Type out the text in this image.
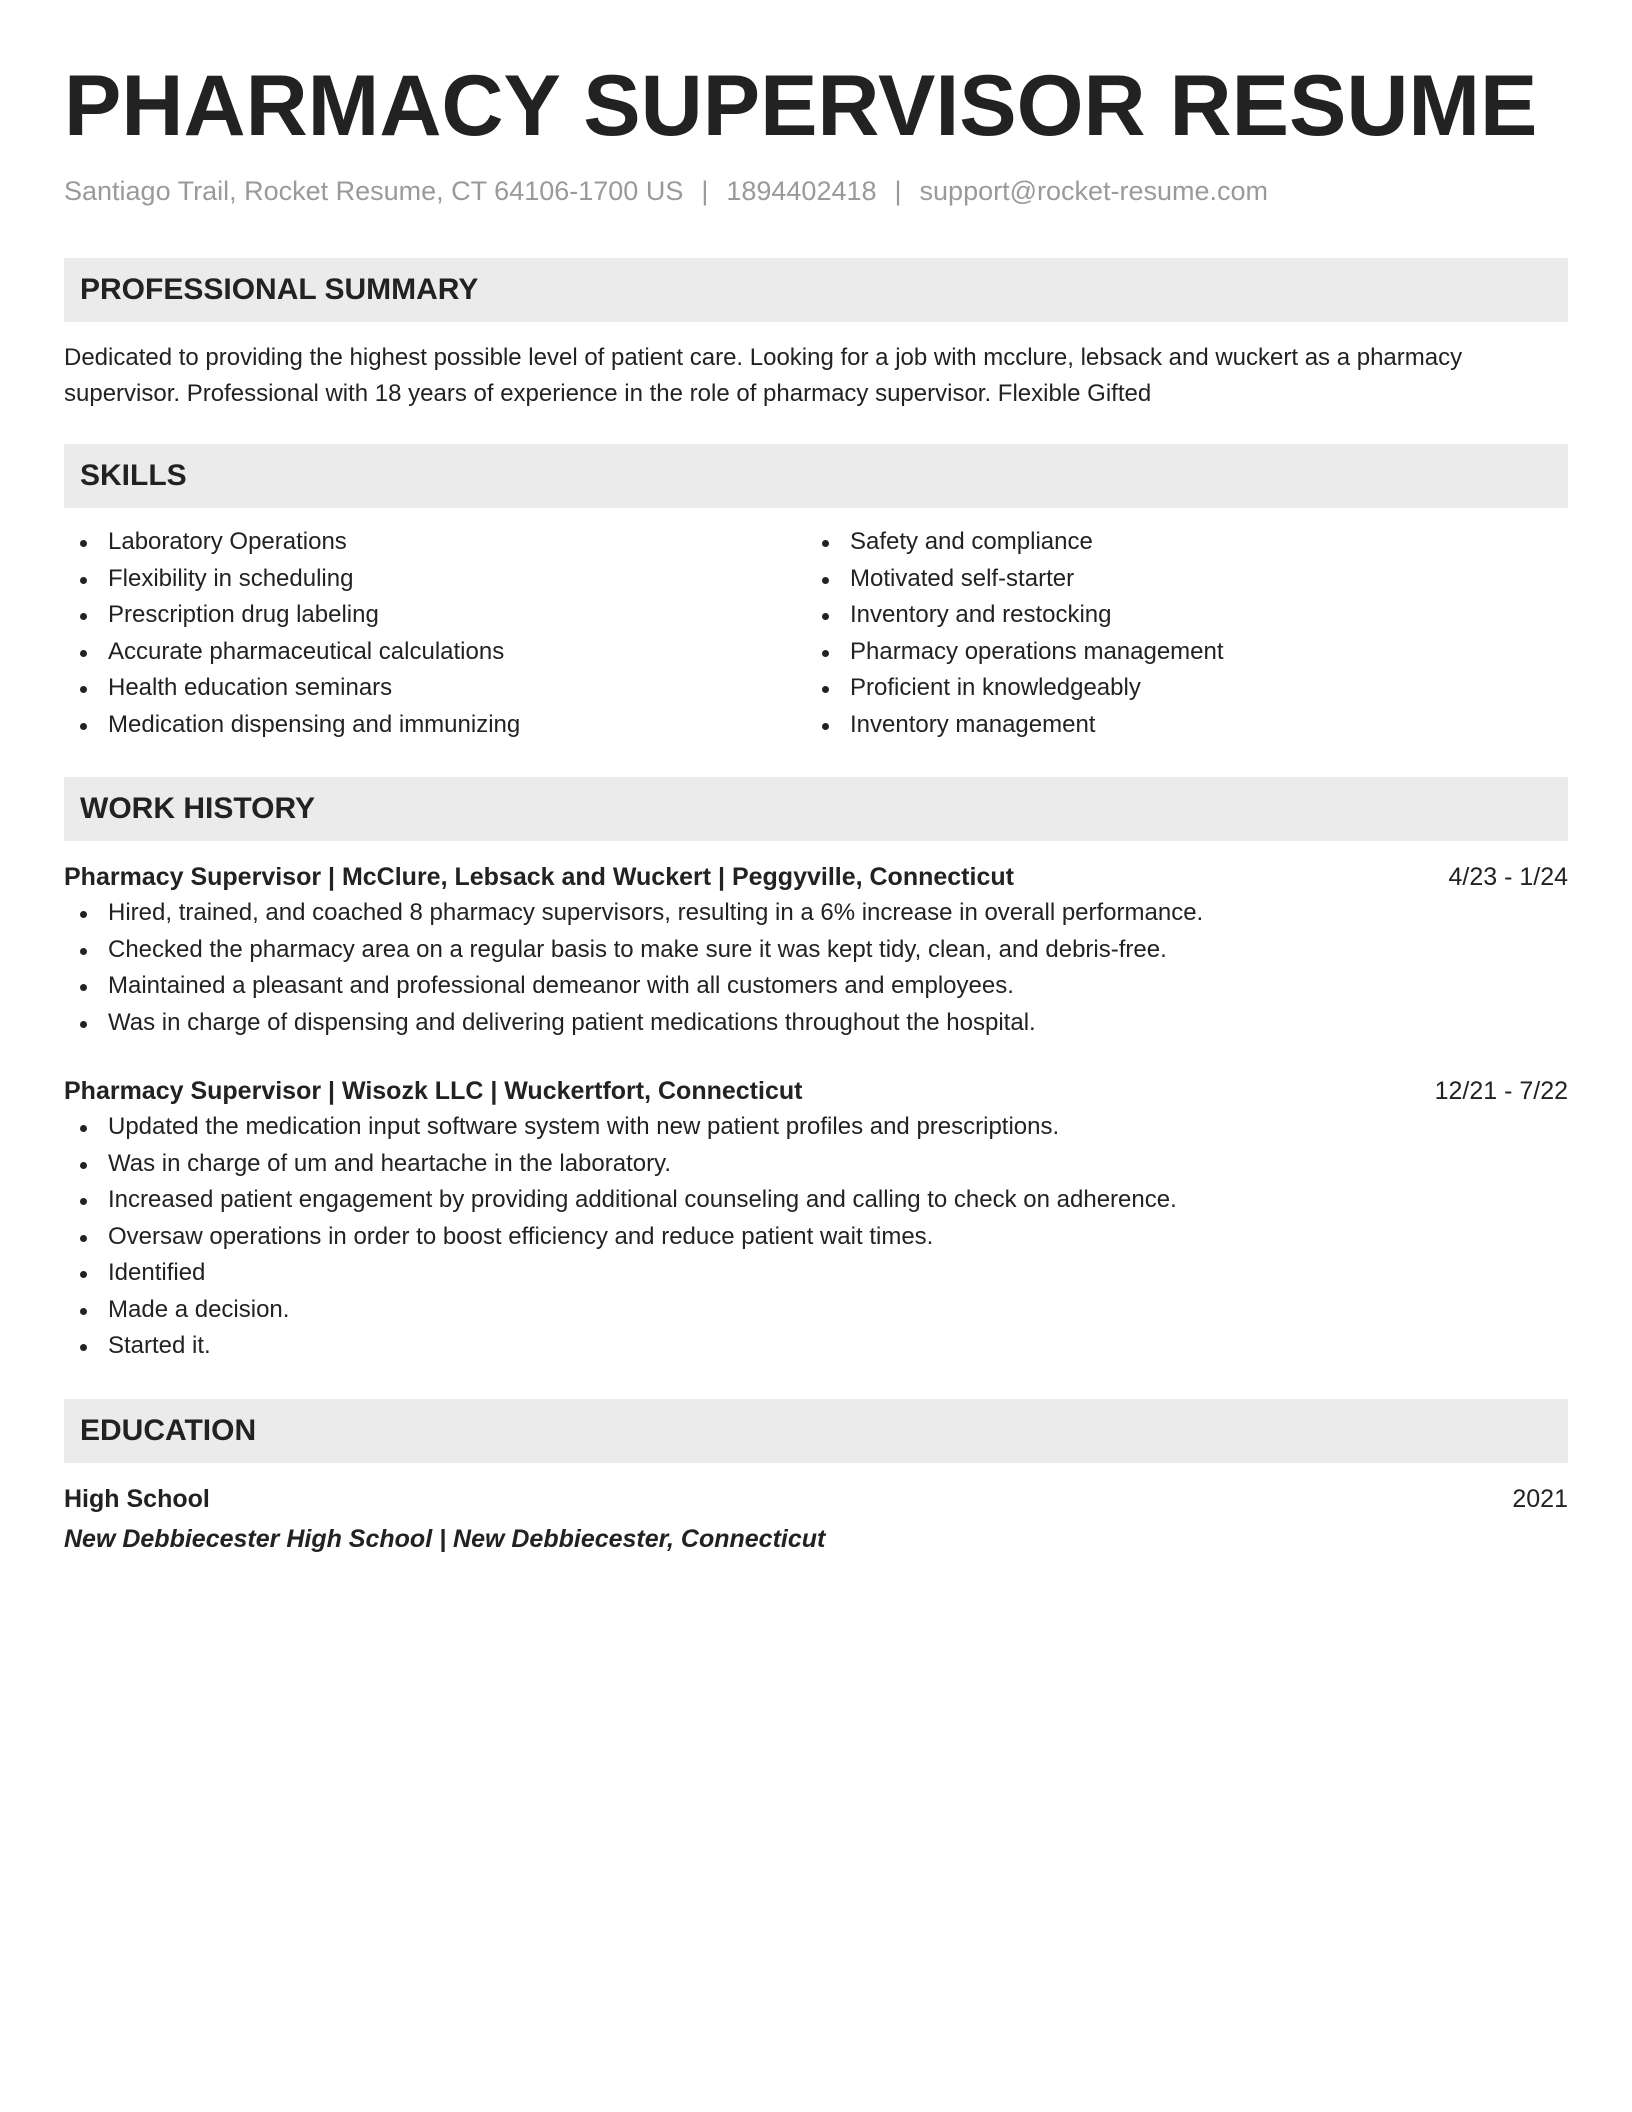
PHARMACY SUPERVISOR RESUME
Santiago Trail, Rocket Resume, CT 64106-1700 US | 1894402418 | support@rocket-resume.com
PROFESSIONAL SUMMARY
Dedicated to providing the highest possible level of patient care. Looking for a job with mcclure, lebsack and wuckert as a pharmacy supervisor. Professional with 18 years of experience in the role of pharmacy supervisor. Flexible Gifted
SKILLS
Laboratory Operations
Flexibility in scheduling
Prescription drug labeling
Accurate pharmaceutical calculations
Health education seminars
Medication dispensing and immunizing
Safety and compliance
Motivated self-starter
Inventory and restocking
Pharmacy operations management
Proficient in knowledgeably
Inventory management
WORK HISTORY
Pharmacy Supervisor | McClure, Lebsack and Wuckert | Peggyville, Connecticut	4/23 - 1/24
Hired, trained, and coached 8 pharmacy supervisors, resulting in a 6% increase in overall performance.
Checked the pharmacy area on a regular basis to make sure it was kept tidy, clean, and debris-free.
Maintained a pleasant and professional demeanor with all customers and employees.
Was in charge of dispensing and delivering patient medications throughout the hospital.
Pharmacy Supervisor | Wisozk LLC | Wuckertfort, Connecticut	12/21 - 7/22
Updated the medication input software system with new patient profiles and prescriptions.
Was in charge of um and heartache in the laboratory.
Increased patient engagement by providing additional counseling and calling to check on adherence.
Oversaw operations in order to boost efficiency and reduce patient wait times.
Identified
Made a decision.
Started it.
EDUCATION
High School	2021
New Debbiecester High School | New Debbiecester, Connecticut
